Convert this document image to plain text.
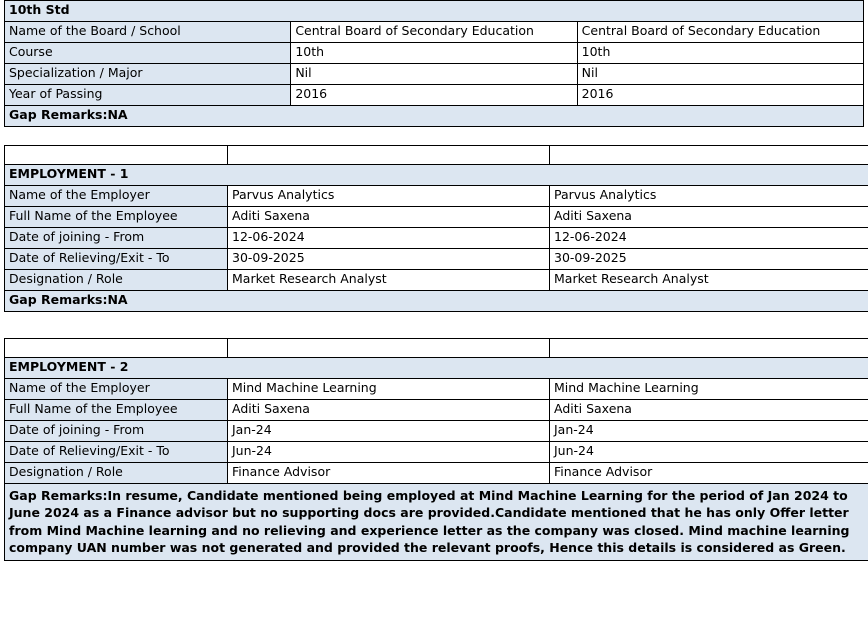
10th Std		
Name of the Board / School	Central Board of Secondary Education	Central Board of Secondary Education
Course	10th	10th
Specialization / Major	Nil	Nil
Year of Passing	2016	2016
Gap Remarks:NA		

EMPLOYMENT - 1		
Name of the Employer	Parvus Analytics	Parvus Analytics
Full Name of the Employee	Aditi Saxena	Aditi Saxena
Date of joining - From	12-06-2024	12-06-2024
Date of Relieving/Exit - To	30-09-2025	30-09-2025
Designation / Role	Market Research Analyst	Market Research Analyst
Gap Remarks:NA		

EMPLOYMENT - 2		
Name of the Employer	Mind Machine Learning	Mind Machine Learning
Full Name of the Employee	Aditi Saxena	Aditi Saxena
Date of joining - From	Jan-24	Jan-24
Date of Relieving/Exit - To	Jun-24	Jun-24
Designation / Role	Finance Advisor	Finance Advisor
Gap Remarks:In resume, Candidate mentioned being employed at Mind Machine Learning for the period of Jan 2024 to June 2024 as a Finance advisor but no supporting docs are provided.Candidate mentioned that he has only Offer letter from Mind Machine learning and no relieving and experience letter as the company was closed. Mind machine learning company UAN number was not generated and provided the relevant proofs, Hence this details is considered as Green.		
